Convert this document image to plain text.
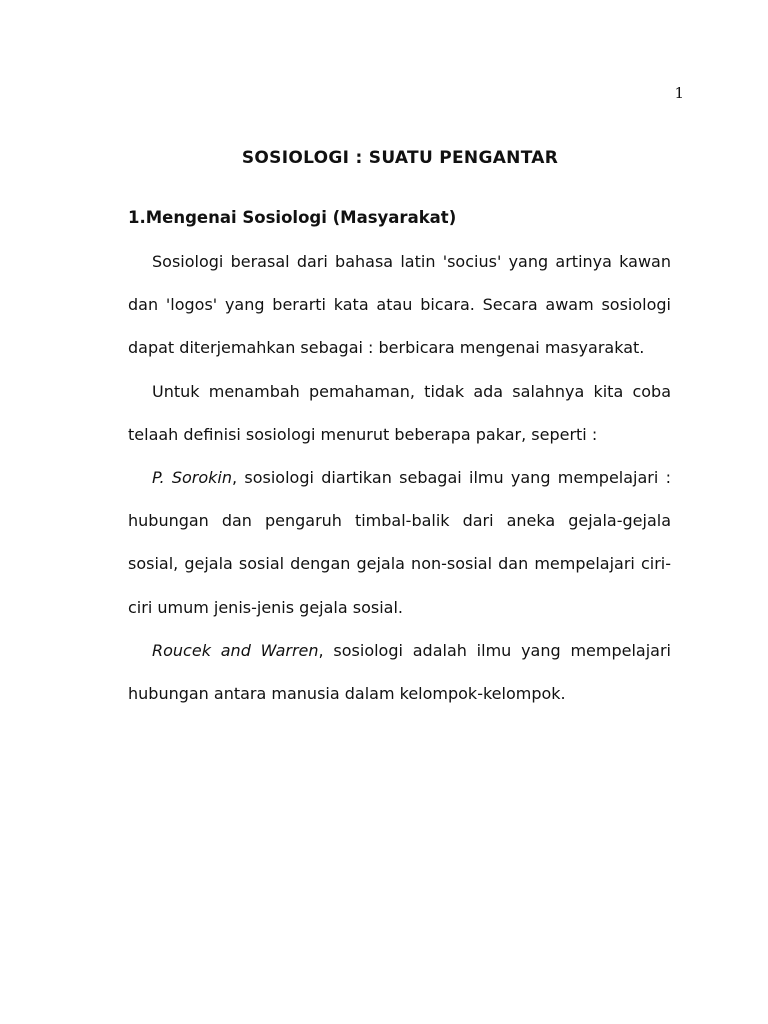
1
SOSIOLOGI : SUATU PENGANTAR
1.Mengenai Sosiologi (Masyarakat)

Sosiologi berasal dari bahasa latin 'socius' yang artinya kawan dan 'logos' yang berarti kata atau bicara. Secara awam sosiologi dapat diterjemahkan sebagai : berbicara mengenai masyarakat.

Untuk menambah pemahaman, tidak ada salahnya kita coba telaah definisi sosiologi menurut beberapa pakar, seperti :

P. Sorokin, sosiologi diartikan sebagai ilmu yang mempelajari : hubungan dan pengaruh timbal-balik dari aneka gejala-gejala sosial, gejala sosial dengan gejala non-sosial dan mempelajari ciri-ciri umum jenis-jenis gejala sosial.

Roucek and Warren, sosiologi adalah ilmu yang mempelajari hubungan antara manusia dalam kelompok-kelompok.
